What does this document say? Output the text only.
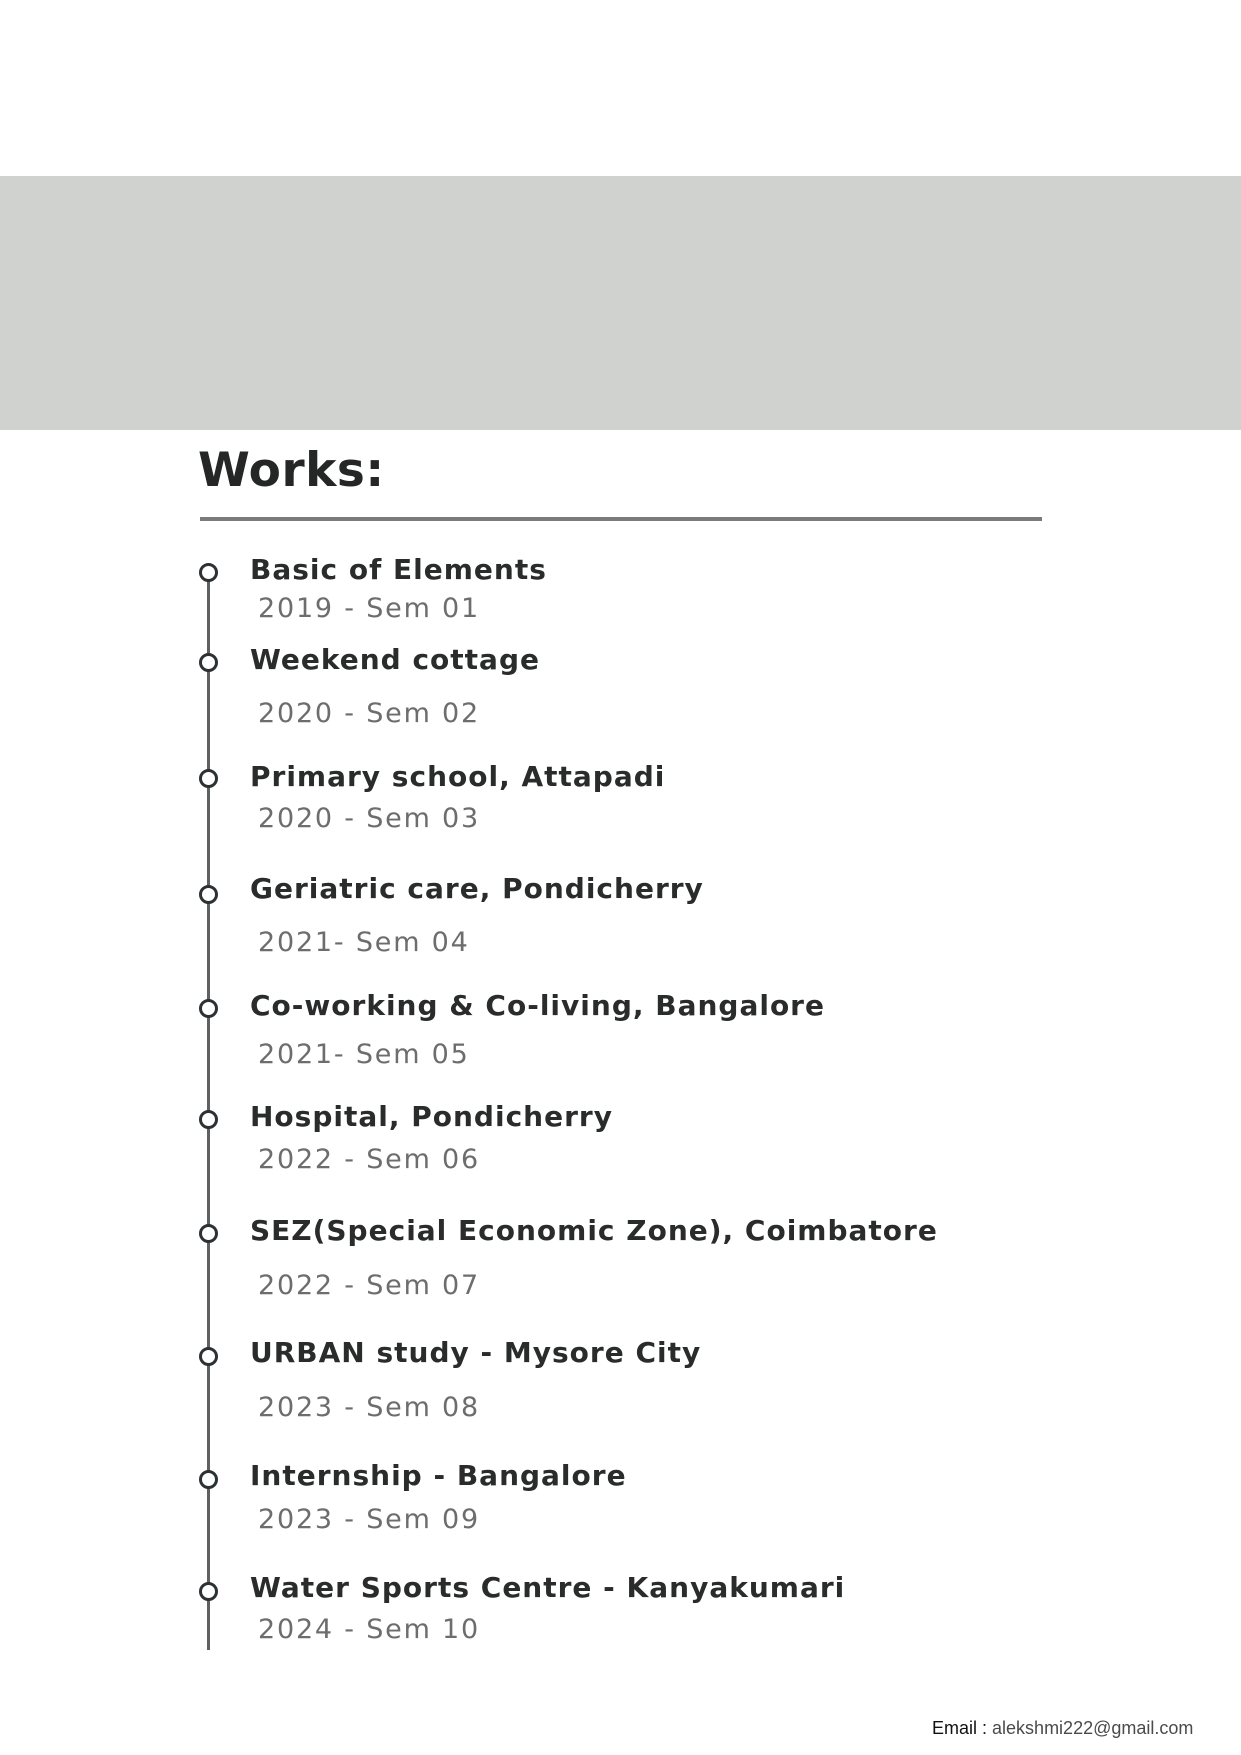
Works:
Basic of Elements
2019 - Sem 01
Weekend cottage
2020 - Sem 02
Primary school, Attapadi
2020 - Sem 03
Geriatric care, Pondicherry
2021- Sem 04
Co-working & Co-living, Bangalore
2021- Sem 05
Hospital, Pondicherry
2022 - Sem 06
SEZ(Special Economic Zone), Coimbatore
2022 - Sem 07
URBAN study - Mysore City
2023 - Sem 08
Internship - Bangalore
2023 - Sem 09
Water Sports Centre - Kanyakumari
2024 - Sem 10
Email : alekshmi222@gmail.com
